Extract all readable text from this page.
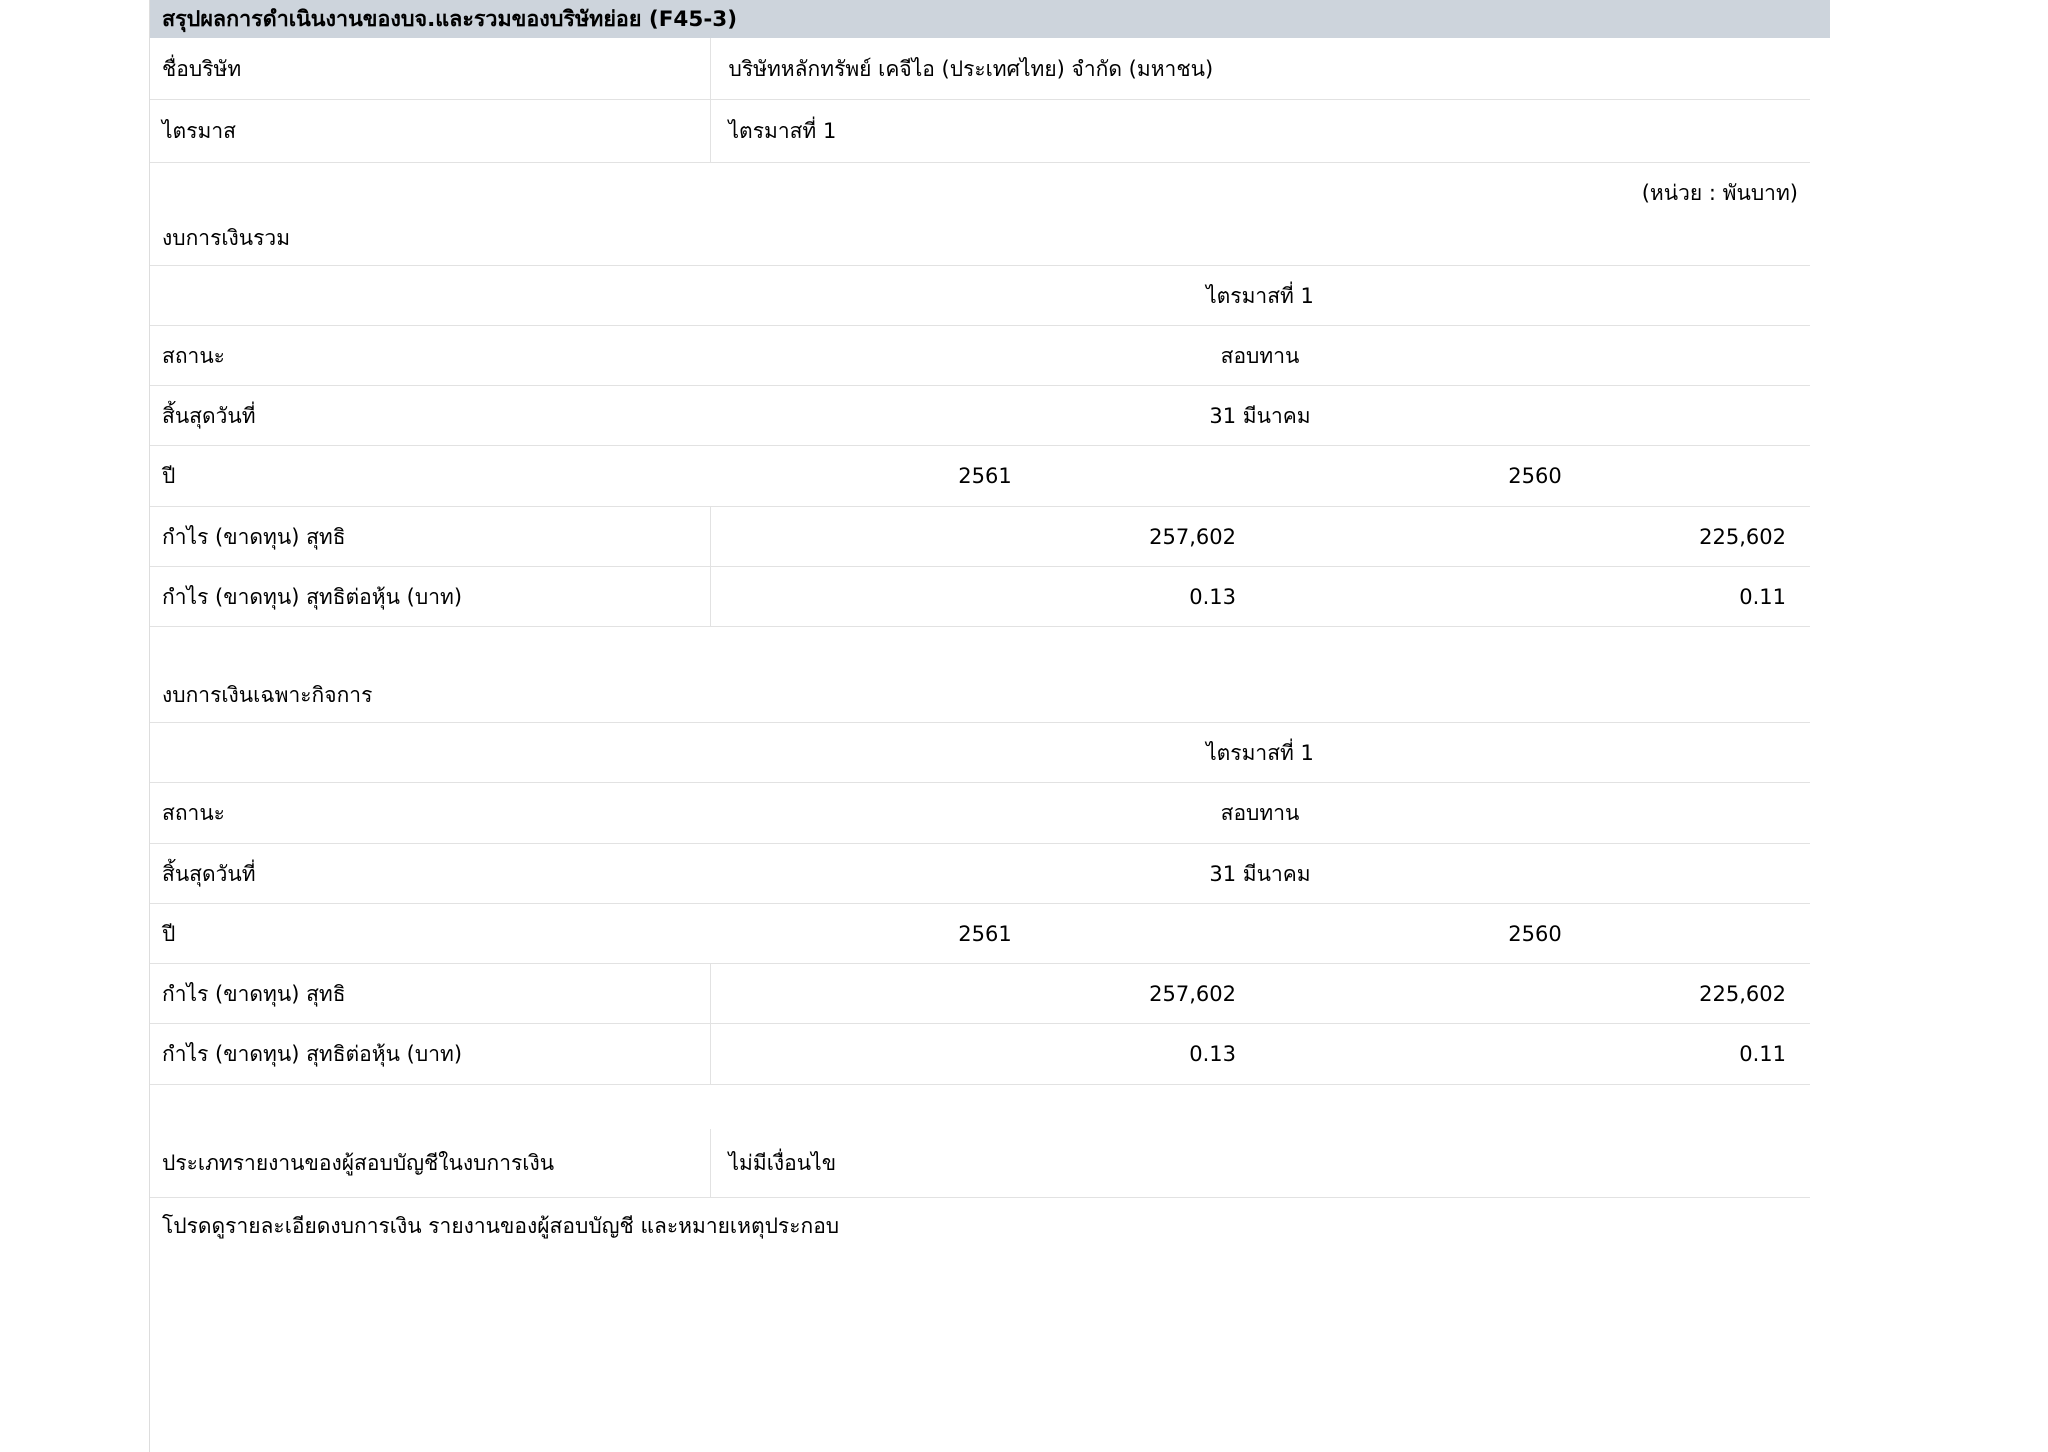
สรุปผลการดำเนินงานของบจ.และรวมของบริษัทย่อย (F45-3)
ชื่อบริษัท	บริษัทหลักทรัพย์ เคจีไอ (ประเทศไทย) จำกัด (มหาชน)
ไตรมาส	ไตรมาสที่ 1
(หน่วย : พันบาท)
งบการเงินรวม
	ไตรมาสที่ 1	
สถานะ	สอบทาน	
สิ้นสุดวันที่	31 มีนาคม	
ปี	2561	2560
กำไร (ขาดทุน) สุทธิ	257,602	225,602
กำไร (ขาดทุน) สุทธิต่อหุ้น (บาท)	0.13	0.11
งบการเงินเฉพาะกิจการ
	ไตรมาสที่ 1	
สถานะ	สอบทาน	
สิ้นสุดวันที่	31 มีนาคม	
ปี	2561	2560
กำไร (ขาดทุน) สุทธิ	257,602	225,602
กำไร (ขาดทุน) สุทธิต่อหุ้น (บาท)	0.13	0.11
ประเภทรายงานของผู้สอบบัญชีในงบการเงิน	ไม่มีเงื่อนไข
โปรดดูรายละเอียดงบการเงิน รายงานของผู้สอบบัญชี และหมายเหตุประกอบ
